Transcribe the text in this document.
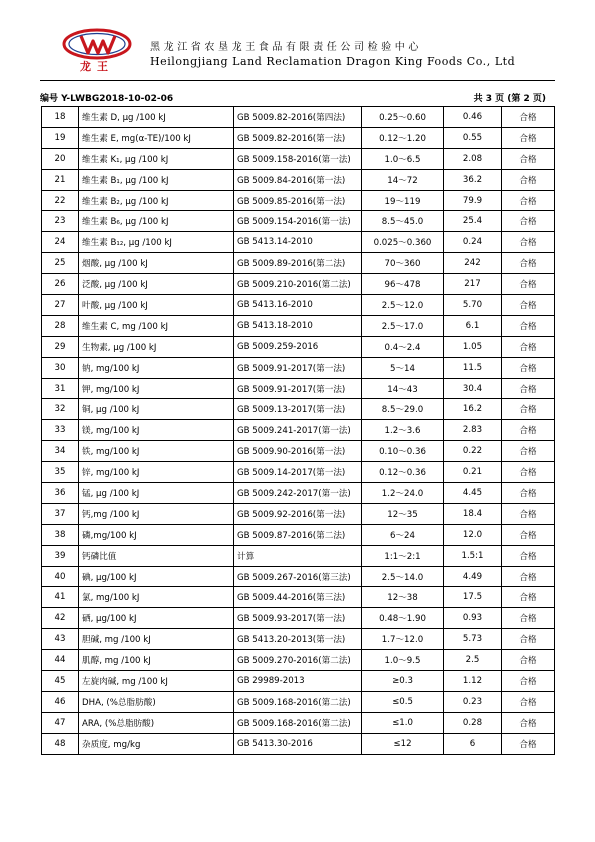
龙王
黑龙江省农垦龙王食品有限责任公司检验中心
Heilongjiang Land Reclamation Dragon King Foods Co., Ltd
编号 Y-LWBG2018-10-02-06	共 3 页 (第 2 页)
18	维生素 D, μg /100 kJ	GB 5009.82-2016(第四法)	0.25～0.60	0.46	合格
19	维生素 E, mg(α-TE)/100 kJ	GB 5009.82-2016(第一法)	0.12～1.20	0.55	合格
20	维生素 K₁, μg /100 kJ	GB 5009.158-2016(第一法)	1.0～6.5	2.08	合格
21	维生素 B₁, μg /100 kJ	GB 5009.84-2016(第一法)	14～72	36.2	合格
22	维生素 B₂, μg /100 kJ	GB 5009.85-2016(第一法)	19～119	79.9	合格
23	维生素 B₆, μg /100 kJ	GB 5009.154-2016(第一法)	8.5～45.0	25.4	合格
24	维生素 B₁₂, μg /100 kJ	GB 5413.14-2010	0.025～0.360	0.24	合格
25	烟酸, μg /100 kJ	GB 5009.89-2016(第二法)	70～360	242	合格
26	泛酸, μg /100 kJ	GB 5009.210-2016(第二法)	96～478	217	合格
27	叶酸, μg /100 kJ	GB 5413.16-2010	2.5～12.0	5.70	合格
28	维生素 C, mg /100 kJ	GB 5413.18-2010	2.5～17.0	6.1	合格
29	生物素, μg /100 kJ	GB 5009.259-2016	0.4～2.4	1.05	合格
30	钠, mg/100 kJ	GB 5009.91-2017(第一法)	5～14	11.5	合格
31	钾, mg/100 kJ	GB 5009.91-2017(第一法)	14～43	30.4	合格
32	铜, μg /100 kJ	GB 5009.13-2017(第一法)	8.5～29.0	16.2	合格
33	镁, mg/100 kJ	GB 5009.241-2017(第一法)	1.2～3.6	2.83	合格
34	铁, mg/100 kJ	GB 5009.90-2016(第一法)	0.10～0.36	0.22	合格
35	锌, mg/100 kJ	GB 5009.14-2017(第一法)	0.12～0.36	0.21	合格
36	锰, μg /100 kJ	GB 5009.242-2017(第一法)	1.2～24.0	4.45	合格
37	钙,mg /100 kJ	GB 5009.92-2016(第一法)	12～35	18.4	合格
38	磷,mg/100 kJ	GB 5009.87-2016(第二法)	6～24	12.0	合格
39	钙磷比值	计算	1:1～2:1	1.5:1	合格
40	碘, μg/100 kJ	GB 5009.267-2016(第三法)	2.5～14.0	4.49	合格
41	氯, mg/100 kJ	GB 5009.44-2016(第三法)	12～38	17.5	合格
42	硒, μg/100 kJ	GB 5009.93-2017(第一法)	0.48～1.90	0.93	合格
43	胆碱, mg /100 kJ	GB 5413.20-2013(第一法)	1.7～12.0	5.73	合格
44	肌醇, mg /100 kJ	GB 5009.270-2016(第二法)	1.0～9.5	2.5	合格
45	左旋肉碱, mg /100 kJ	GB 29989-2013	≥0.3	1.12	合格
46	DHA, (%总脂肪酸)	GB 5009.168-2016(第二法)	≤0.5	0.23	合格
47	ARA, (%总脂肪酸)	GB 5009.168-2016(第二法)	≤1.0	0.28	合格
48	杂质度, mg/kg	GB 5413.30-2016	≤12	6	合格
